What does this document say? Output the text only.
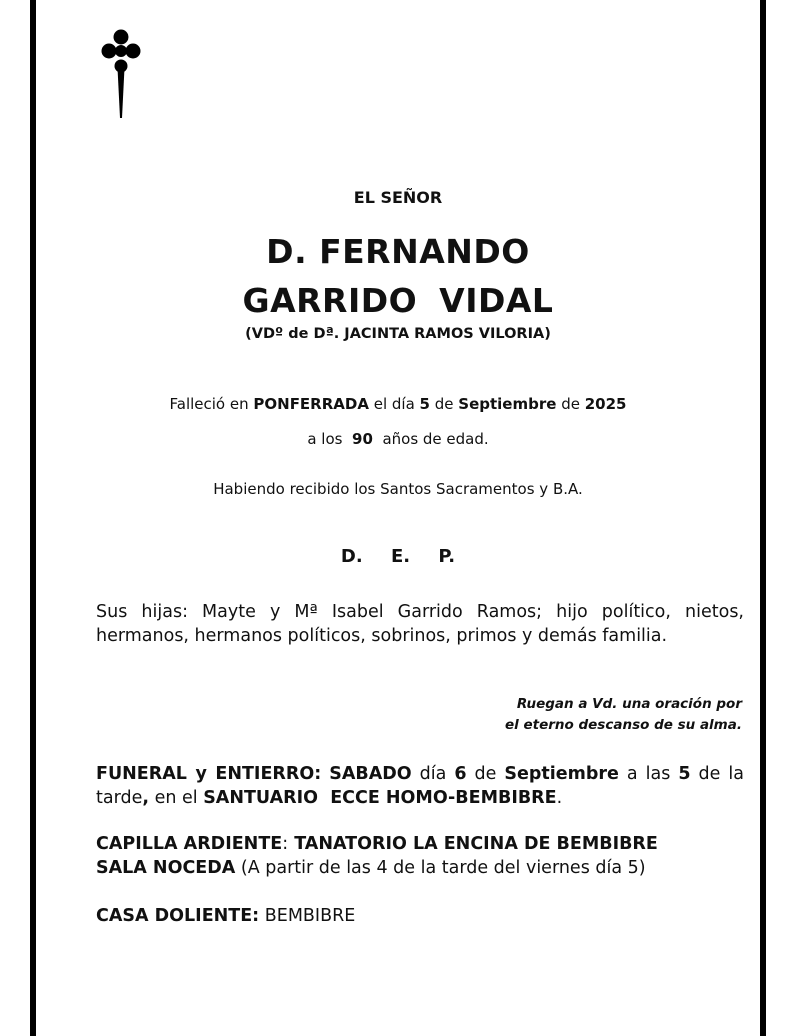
EL SEÑOR
D. FERNANDO
GARRIDO VIDAL
(VDº de Dª. JACINTA RAMOS VILORIA)
Falleció en PONFERRADA el día 5 de Septiembre de 2025
a los  90  años de edad.
Habiendo recibido los Santos Sacramentos y B.A.
D. E. P.
Sus hijas: Mayte y Mª Isabel Garrido Ramos; hijo político, nietos, hermanos, hermanos políticos, sobrinos, primos y demás familia.
Ruegan a Vd. una oración por
el eterno descanso de su alma.
FUNERAL y ENTIERRO: SABADO día 6 de Septiembre a las 5 de la tarde, en el SANTUARIO  ECCE HOMO-BEMBIBRE.
CAPILLA ARDIENTE: TANATORIO LA ENCINA DE BEMBIBRE
SALA NOCEDA (A partir de las 4 de la tarde del viernes día 5)
CASA DOLIENTE: BEMBIBRE
